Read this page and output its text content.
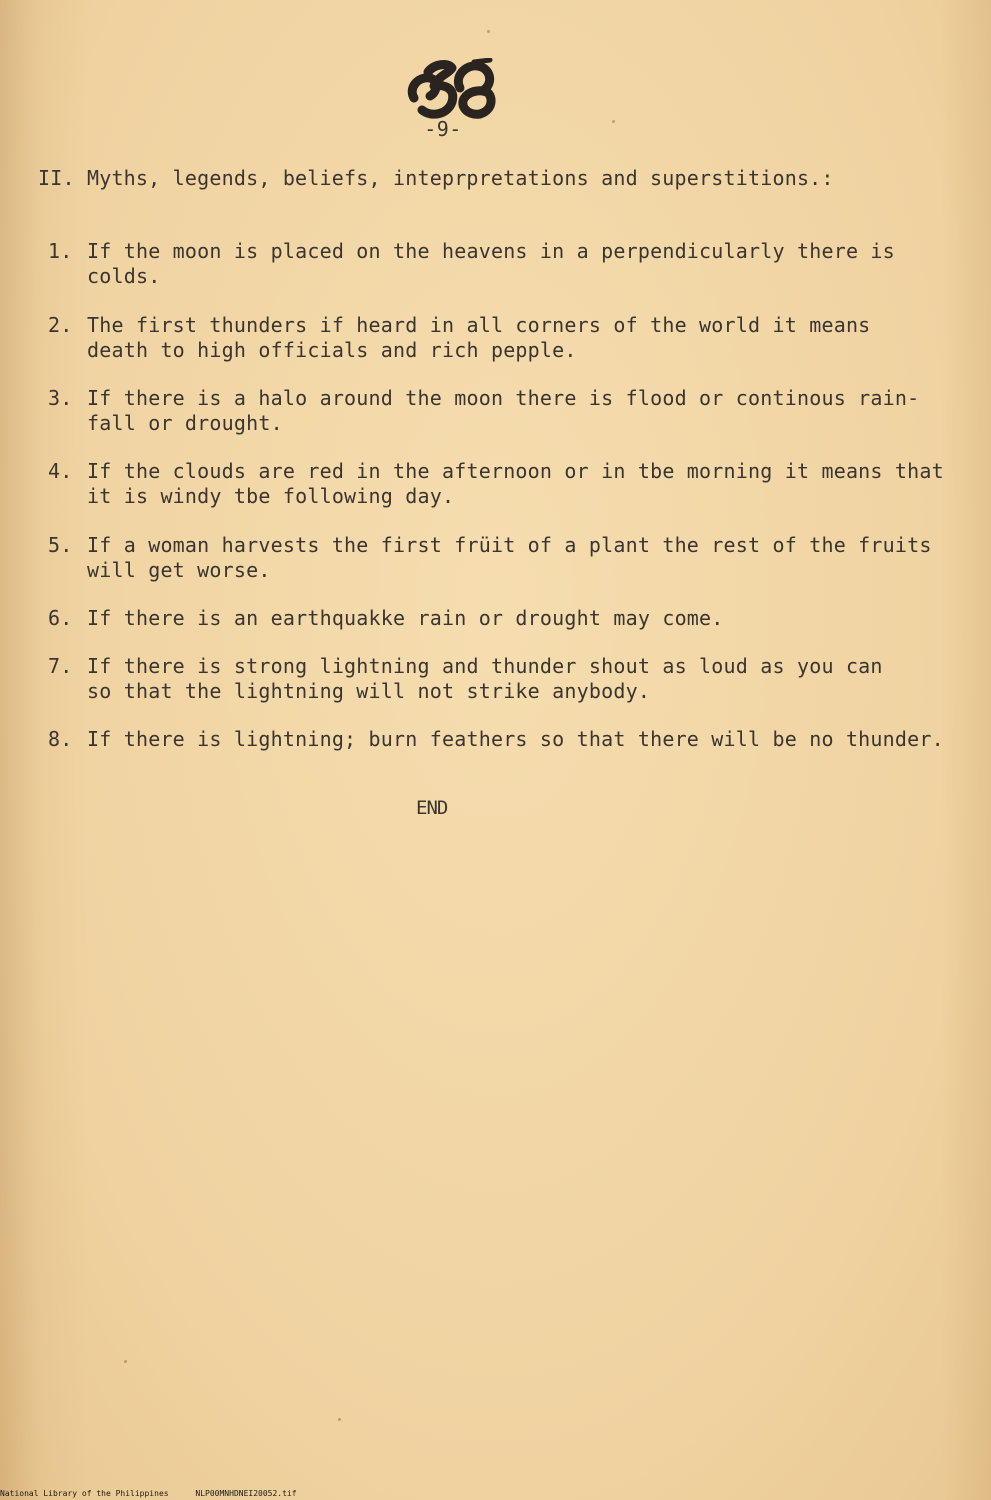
-9-
II. Myths, legends, beliefs, inteprpretations and superstitions.:
1. If the moon is placed on the heavens in a perpendicularly there is
colds.
2. The first thunders if heard in all corners of the world it means
death to high officials and rich pepple.
3. If there is a halo around the moon there is flood or continous rain-
fall or drought.
4. If the clouds are red in the afternoon or in tbe morning it means that
it is windy tbe following day.
5. If a woman harvests the first früit of a plant the rest of the fruits
will get worse.
6. If there is an earthquakke rain or drought may come.
7. If there is strong lightning and thunder shout as loud as you can
so that the lightning will not strike anybody.
8. If there is lightning; burn feathers so that there will be no thunder.
END
National Library of the Philippines	NLP00MNHDNEI20052.tif
